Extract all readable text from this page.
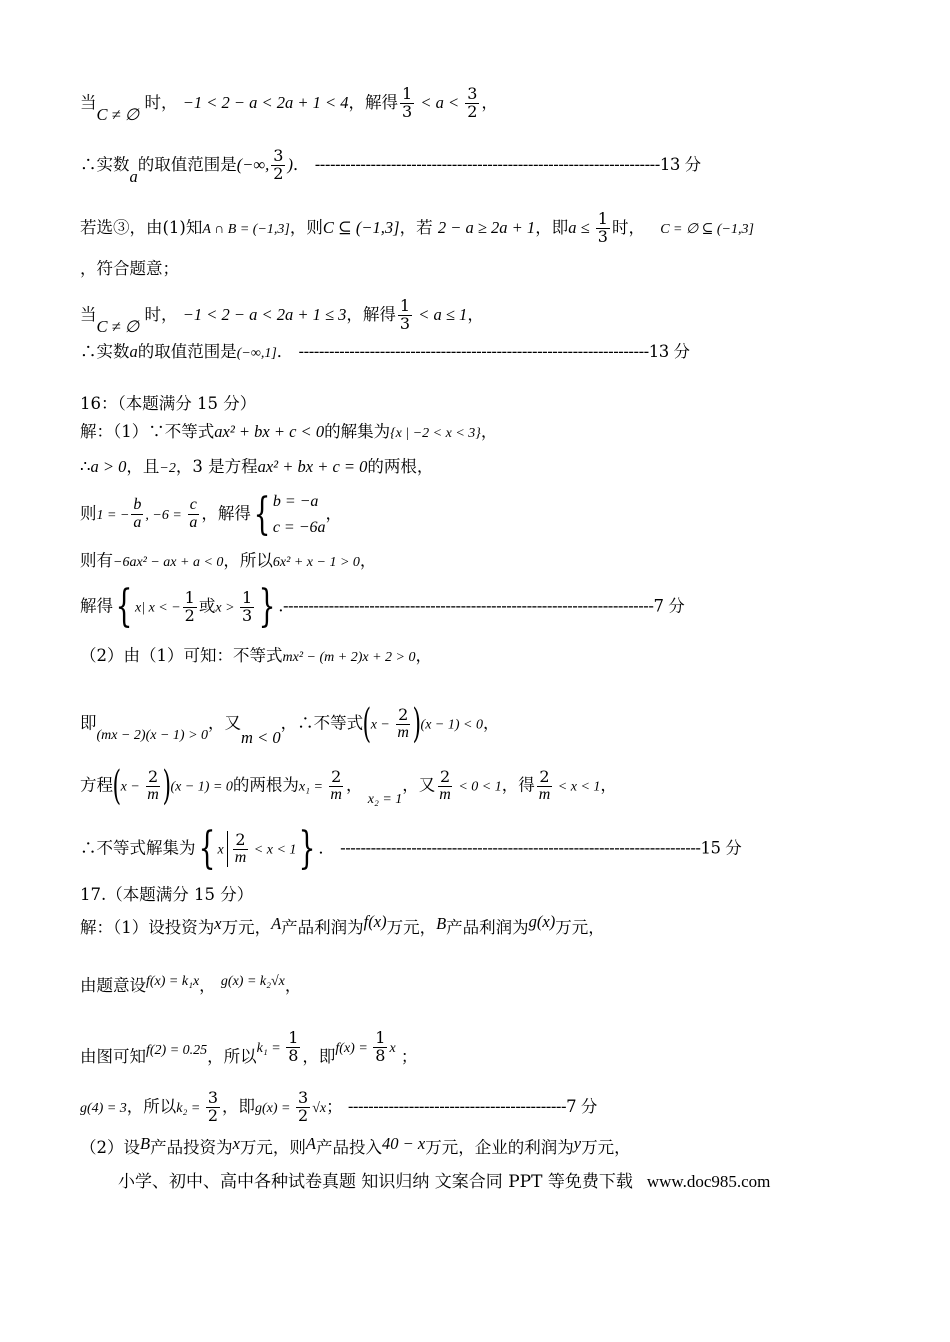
当C ≠ ∅ 时， −1 < 2 − a < 2a + 1 < 4，解得 $\frac{1}{3} < a < \frac{3}{2}$ ，
∴实数a的取值范围是(−∞, $\frac{3}{2}$ )． --------------------------------------------------------------------13 分
若选③，由(1)知A ∩ B = (−1,3]，则C ⊆ (−1,3]，若 2 − a ≥ 2a + 1，即$a \le \frac{1}{3}$ 时， C = ∅ ⊆ (−1,3]
，符合题意；
当C ≠ ∅ 时， −1 < 2 − a < 2a + 1 ≤ 3，解得 $\frac{1}{3} < a \le 1$，
∴实数a的取值范围是(−∞,1]． ---------------------------------------------------------------------13 分
16：（本题满分 15 分）
解：（1）∵不等式ax² + bx + c < 0的解集为{x | −2 < x < 3}，
∴a > 0，且−2，3 是方程ax² + bx + c = 0的两根，
则1 = − $\frac{b}{a}$ , $-6 = \frac{c}{a}$ ，解得{ b = −a
c = −6a
，
则有−6ax² − ax + a < 0，所以6x² + x − 1 > 0，
解得{ x| x < − $\frac{1}{2}$ 或$x > \frac{1}{3}$ } .-------------------------------------------------------------------------7 分
（2）由（1）可知：不等式mx² − (m + 2)x + 2 > 0，
即$_{(mx - 2)(x - 1) > 0}$，又m < 0，∴不等式$(x - \frac{2}{m} )(x - 1) < 0$，
方程$(x - \frac{2}{m} )(x - 1) = 0$的两根为$x_1 = \frac{2}{m}$ ， $_{x_2 = 1}$，又 $\frac{2}{m} < 0 < 1$，得 $\frac{2}{m} < x < 1$，
∴不等式解集为{ x $\frac{2}{m} < x < 1$} ． -----------------------------------------------------------------------15 分
17.（本题满分 15 分）
解：（1）设投资为x万元，A产品利润为f(x)万元，B产品利润为g(x)万元，
由题意设$^{f(x) = k_1x}$， $^{g(x) = k_2√x}$，
由图可知$^{f(2) = 0.25}$，所以$^{k_1 =} \frac{1}{8}$ ，即$^{f(x) =} \frac{1}{8} ^x$ ；
g(4) = 3，所以$k_2 = \frac{3}{2}$ ，即$g(x) = \frac{3}{2} √x$； -------------------------------------------7 分
（2）设B产品投资为x万元，则A产品投入40 − x万元，企业的利润为y万元，
小学、初中、高中各种试卷真题 知识归纳 文案合同 PPT 等免费下载 www.doc985.com
